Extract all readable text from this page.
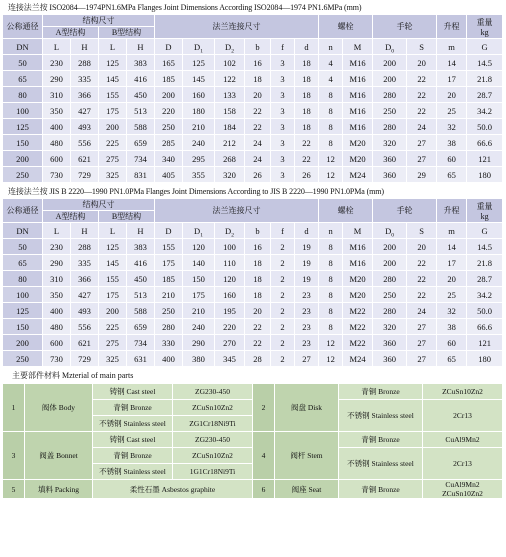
连接法兰按 ISO2084—1974PN1.6MPa Flanges Joint Dimensions According ISO2084—1974 PN1.6MPa (mm)
公称通径	结构尺寸				法兰连接尺寸						螺栓		手轮		升程	重量
kg

	A型结构		B型结构													
DN	L	H	L	H	D	$D_1$	$D_2$	b	f	d	n	M	$D_0$	S	m	G
50	230	288	125	383	165	125	102	16	3	18	4	M16	200	20	14	14.5
65	290	335	145	416	185	145	122	18	3	18	4	M16	200	22	17	21.8
80	310	366	155	450	200	160	133	20	3	18	8	M16	280	22	20	28.7
100	350	427	175	513	220	180	158	22	3	18	8	M16	250	22	25	34.2
125	400	493	200	588	250	210	184	22	3	18	8	M16	280	24	32	50.0
150	480	556	225	659	285	240	212	24	3	22	8	M20	320	27	38	66.6
200	600	621	275	734	340	295	268	24	3	22	12	M20	360	27	60	121
250	730	729	325	831	405	355	320	26	3	26	12	M24	360	29	65	180
连接法兰按 JIS B 2220—1990 PN1.0PMa Flanges Joint Dimensions According to JIS B 2220—1990 PN1.0PMa (mm)
公称通径	结构尺寸				法兰连接尺寸						螺栓		手轮		升程	重量
kg

	A型结构		B型结构													
DN	L	H	L	H	D	$D_1$	$D_2$	b	f	d	n	M	$D_0$	S	m	G
50	230	288	125	383	155	120	100	16	2	19	8	M16	200	20	14	14.5
65	290	335	145	416	175	140	110	18	2	19	8	M16	200	22	17	21.8
80	310	366	155	450	185	150	120	18	2	19	8	M20	280	22	20	28.7
100	350	427	175	513	210	175	160	18	2	23	8	M20	250	22	25	34.2
125	400	493	200	588	250	210	195	20	2	23	8	M22	280	24	32	50.0
150	480	556	225	659	280	240	220	22	2	23	8	M22	320	27	38	66.6
200	600	621	275	734	330	290	270	22	2	23	12	M22	360	27	60	121
250	730	729	325	631	400	380	345	28	2	27	12	M24	360	27	65	180
主要部件材料 Mzterial of main parts
1	阀体 Body	铸钢 Cast steel	ZG230-450	2	阀盘 Disk	青铜 Bronze	ZCuSn10Zn2
		青铜 Bronze	ZCuSn10Zn2			不锈钢 Stainless steel	2Cr13
		不锈钢 Stainless steel	ZG1Cr18Ni9Ti				
3	阀盖 Bonnet	铸钢 Cast steel	ZG230-450	4	阀杆 Stem	青铜 Bronze	CuAl9Mn2
		青铜 Bronze	ZCuSn10Zn2			不锈钢 Stainless steel	2Cr13
		不锈钢 Stainless steel	1G1Cr18Ni9Ti				
5	填料 Packing	柔性石墨 Asbestos graphite		6	阀座 Seat	青铜 Bronze	CuAl9Mn2
ZCuSn10Zn2
